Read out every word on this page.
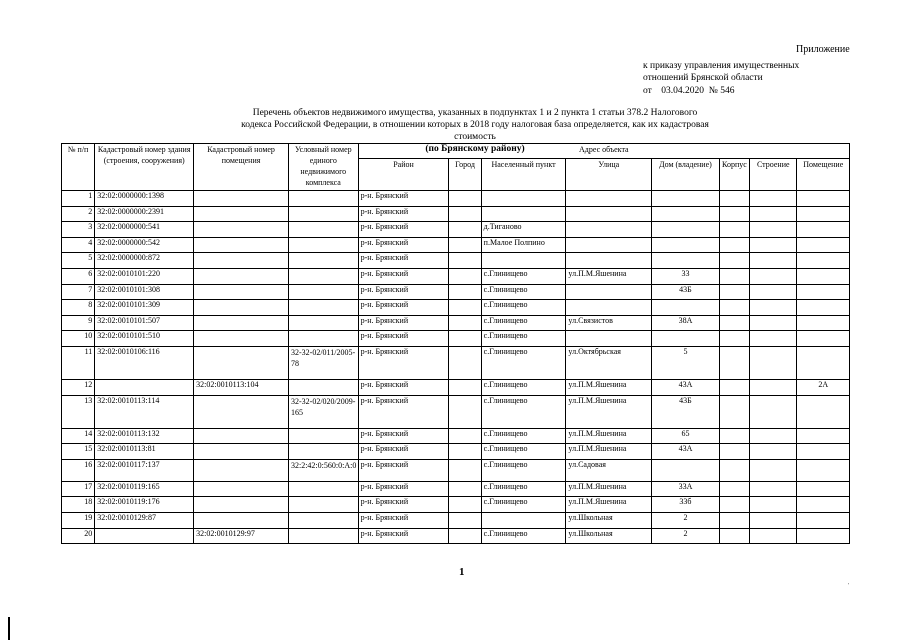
Приложение
к приказу управления имущественных
отношений Брянской области
от    03.04.2020  № 546
Перечень объектов недвижимого имущества, указанных в подпунктах 1 и 2 пункта 1 статьи 378.2 Налогового
кодекса Российской Федерации, в отношении которых в 2018 году налоговая база определяется, как их кадастровая стоимость
(по Брянскому району)
№ п/п	Кадастровый номер здания (строения, сооружения)	Кадастровый номер помещения	Условный номер единого недвижимого комплекса	Адрес объекта							
				Район	Город	Населенный пункт	Улица	Дом (владение)	Корпус	Строение	Помещение
1	32:02:0000000:1398			р-н. Брянский							
2	32:02:0000000:2391			р-н. Брянский							
3	32:02:0000000:541			р-н. Брянский		д.Тиганово					
4	32:02:0000000:542			р-н. Брянский		п.Малое Полпино					
5	32:02:0000000:872			р-н. Брянский							
6	32:02:0010101:220			р-н. Брянский		с.Глинищево	ул.П.М.Яшенина	33			
7	32:02:0010101:308			р-н. Брянский		с.Глинищево		43Б			
8	32:02:0010101:309			р-н. Брянский		с.Глинищево					
9	32:02:0010101:507			р-н. Брянский		с.Глинищево	ул.Связистов	38А			
10	32:02:0010101:510			р-н. Брянский		с.Глинищево					
11	32:02:0010106:116		32-32-02/011/2005-78	р-н. Брянский		с.Глинищево	ул.Октябрьская	5			
12		32:02:0010113:104		р-н. Брянский		с.Глинищево	ул.П.М.Яшенина	43А			2А
13	32:02:0010113:114		32-32-02/020/2009-165	р-н. Брянский		с.Глинищево	ул.П.М.Яшенина	43Б			
14	32:02:0010113:132			р-н. Брянский		с.Глинищево	ул.П.М.Яшенина	65			
15	32:02:0010113:81			р-н. Брянский		с.Глинищево	ул.П.М.Яшенина	43А			
16	32:02:0010117:137		32:2:42:0:560:0:А:0	р-н. Брянский		с.Глинищево	ул.Садовая				
17	32:02:0010119:165			р-н. Брянский		с.Глинищево	ул.П.М.Яшенина	33А			
18	32:02:0010119:176			р-н. Брянский		с.Глинищево	ул.П.М.Яшенина	33б			
19	32:02:0010129:87			р-н. Брянский			ул.Школьная	2			
20		32:02:0010129:97		р-н. Брянский		с.Глинищево	ул.Школьная	2			
1
'
